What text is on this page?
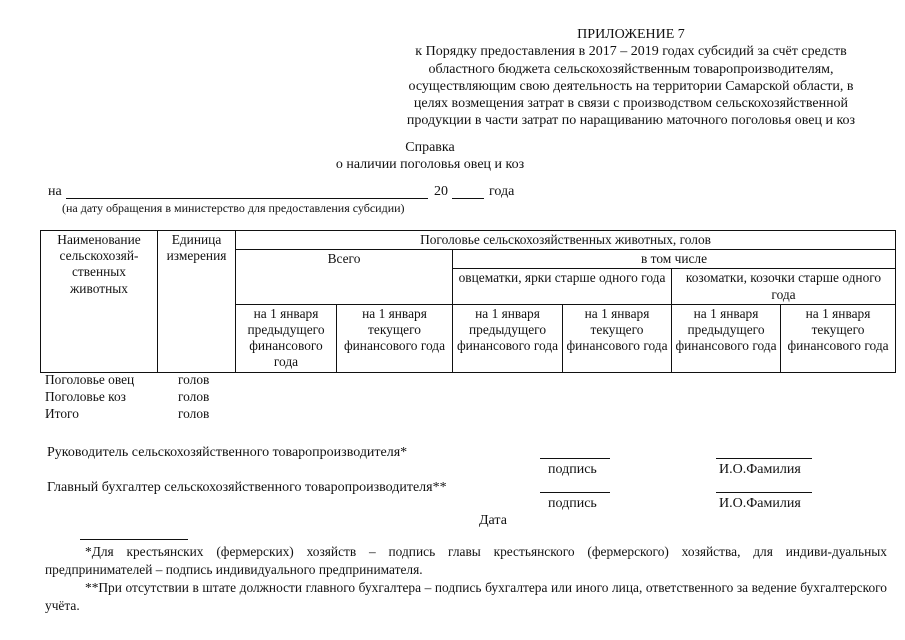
ПРИЛОЖЕНИЕ 7
к Порядку предоставления в 2017 – 2019 годах субсидий за счёт средств
областного бюджета сельскохозяйственным товаропроизводителям,
осуществляющим свою деятельность на территории Самарской области, в
целях возмещения затрат в связи с производством сельскохозяйственной
продукции в части затрат по наращиванию маточного поголовья овец и коз
Справка
о наличии поголовья овец и коз
на	20	года
(на дату обращения в министерство для предоставления субсидии)
Наименование сельскохозяй-ственных животных	Единица измерения	Поголовье сельскохозяйственных животных, голов					
		Всего		в том числе			
				овцематки, ярки старше одного года		козоматки, козочки старше одного года	
		на 1 января предыдущего финансового года	на 1 января текущего финансового года	на 1 января предыдущего финансового года	на 1 января текущего финансового года	на 1 января предыдущего финансового года	на 1 января текущего финансового года
Поголовье овец	голов
Поголовье коз	голов
Итого	голов
Руководитель сельскохозяйственного товаропроизводителя*
подпись	И.О.Фамилия
Главный бухгалтер сельскохозяйственного товаропроизводителя**
подпись	И.О.Фамилия
Дата
*Для крестьянских (фермерских) хозяйств – подпись главы крестьянского (фермерского) хозяйства, для индиви-дуальных предпринимателей – подпись индивидуального предпринимателя.
**При отсутствии в штате должности главного бухгалтера – подпись бухгалтера или иного лица, ответственного за ведение бухгалтерского учёта.
